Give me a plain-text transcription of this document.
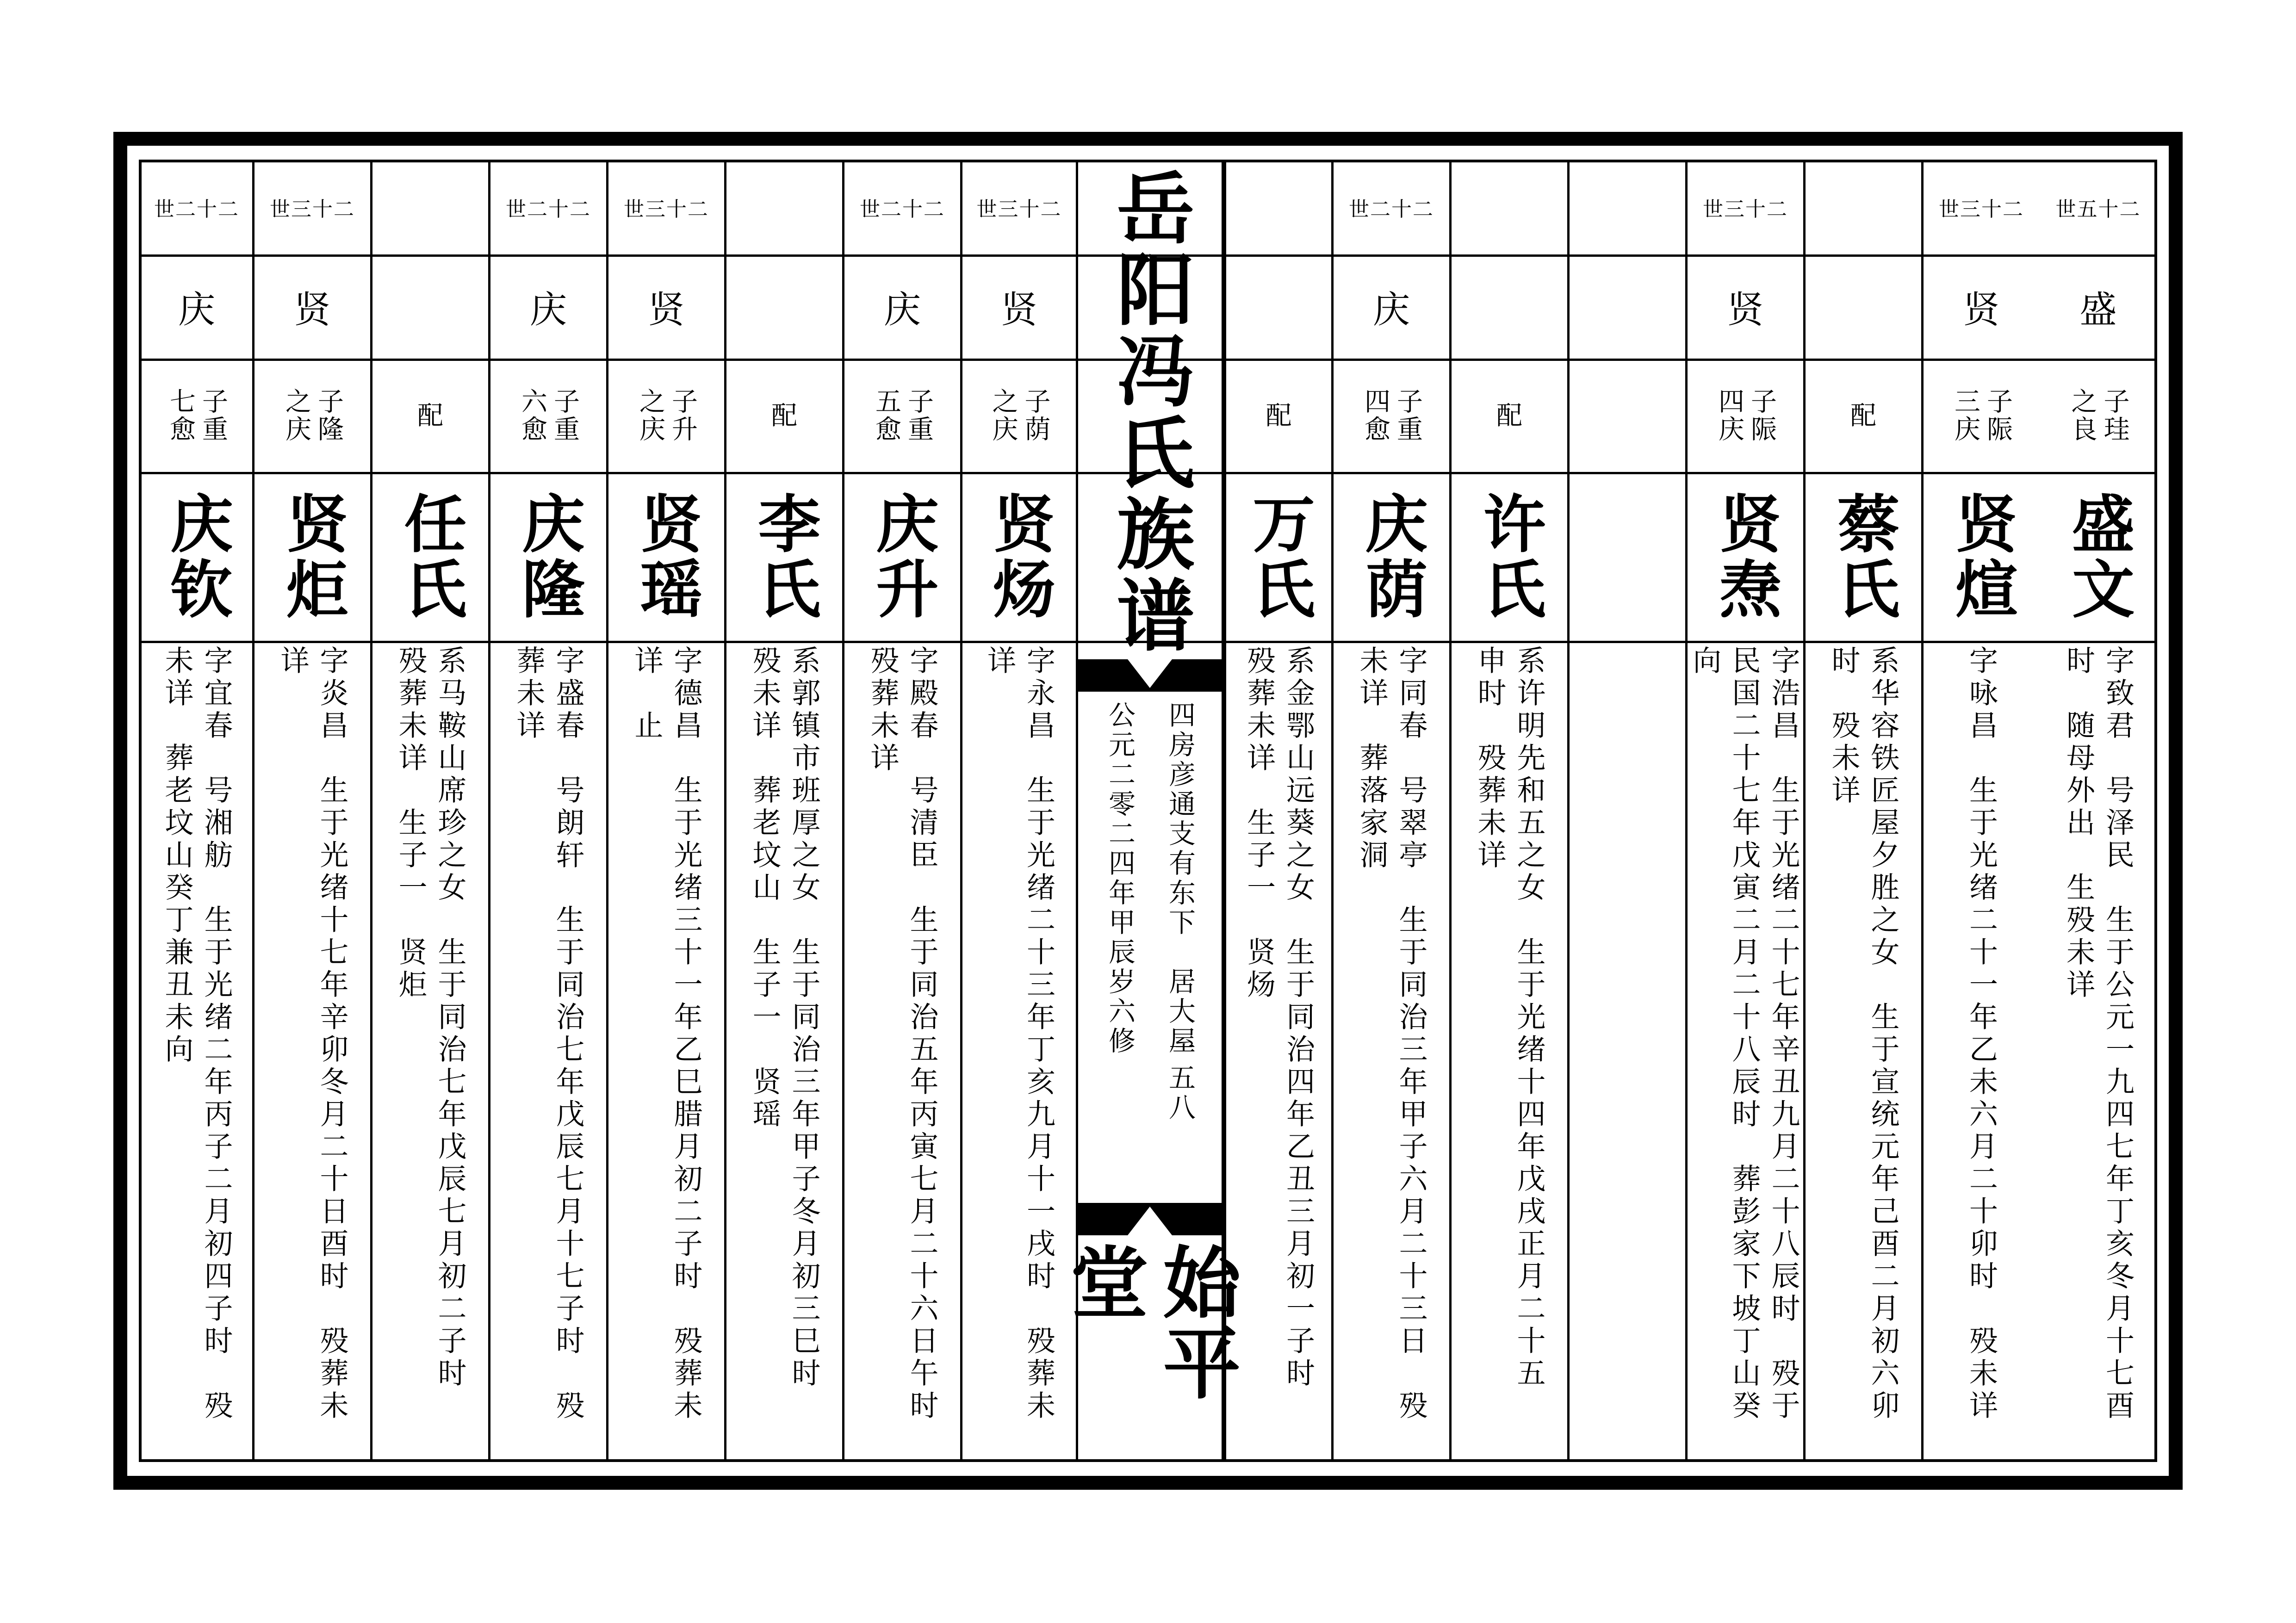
世五十二
盛
之良 子珪
盛文
字致君　号泽民　生于公元一九四七年丁亥冬月十七酉
时　随母外出　生殁未详
世三十二
贤
三庆 子陙
贤煊
字咏昌　生于光绪二十一年乙未六月二十卯时　殁未详
配
蔡氏
系华容铁匠屋夕胜之女　生于宣统元年己酉二月初六卯
时　殁未详
世三十二
贤
四庆 子陙
贤焘
字浩昌　生于光绪二十七年辛丑九月二十八辰时　殁于
民国二十七年戊寅二月二十八辰时　葬彭家下坡丁山癸
向
配
许氏
系许明先和五之女　生于光绪十四年戊戌正月二十五
申时　殁葬未详
世二十二
庆
四愈 子重
庆荫
字同春　号翠亭　生于同治三年甲子六月二十三日　殁
未详　葬落家洞
配
万氏
系金鄂山远葵之女　生于同治四年乙丑三月初一子时
殁葬未详　生子一　贤炀
世三十二
贤
之庆 子荫
贤炀
字永昌　生于光绪二十三年丁亥九月十一戌时　殁葬未
详
世二十二
庆
五愈 子重
庆升
字殿春　号清臣　生于同治五年丙寅七月二十六日午时
殁葬未详
配
李氏
系郭镇市班厚之女　生于同治三年甲子冬月初三巳时
殁未详　葬老坟山　生子一　贤瑶
世三十二
贤
之庆 子升
贤瑶
字德昌　生于光绪三十一年乙巳腊月初二子时　殁葬未
详　止
世二十二
庆
六愈 子重
庆隆
字盛春　号朗轩　生于同治七年戊辰七月十七子时　殁
葬未详
配
任氏
系马鞍山席珍之女　生于同治七年戊辰七月初二子时
殁葬未详　生子一　贤炬
世三十二
贤
之庆 子隆
贤炬
字炎昌　生于光绪十七年辛卯冬月二十日酉时　殁葬未
详
世二十二
庆
七愈 子重
庆钦
字宜春　号湘舫　生于光绪二年丙子二月初四子时　殁
未详　葬老坟山癸丁兼丑未向
岳阳冯氏族谱
四房彦通支有东下　居大屋
公元二零二四年甲辰岁六修
一五八
始平堂
